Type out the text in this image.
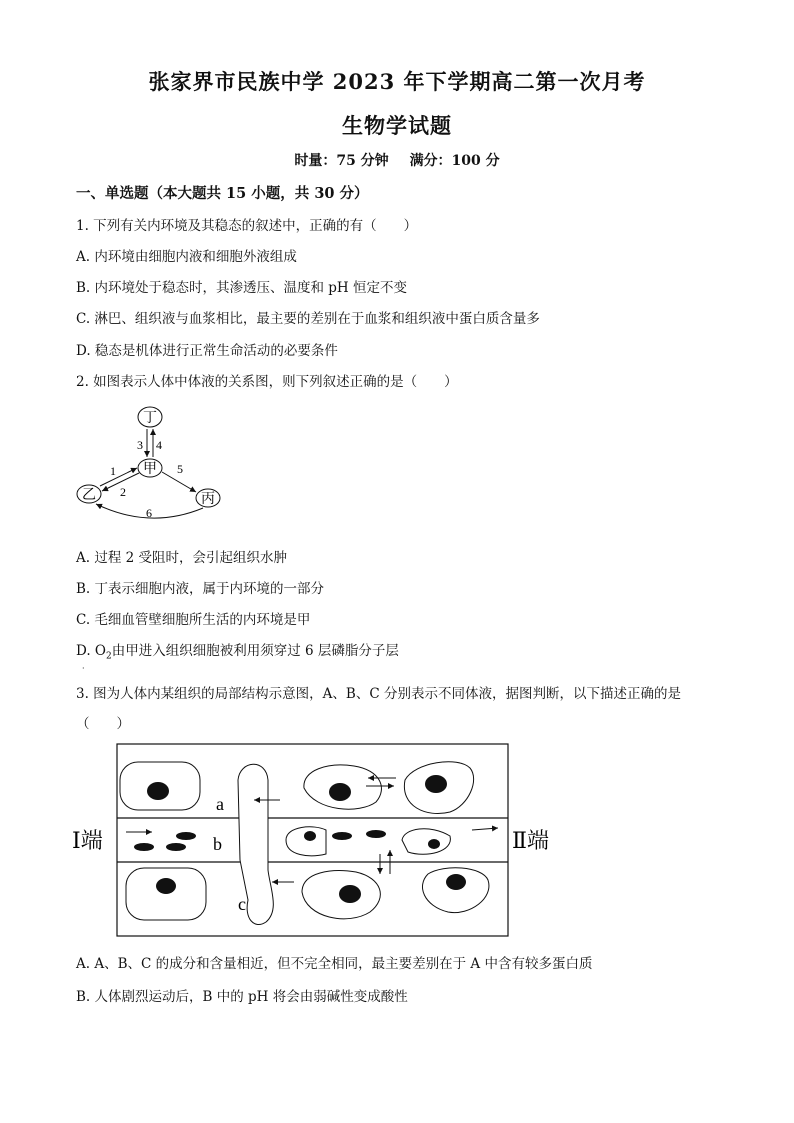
张家界市民族中学 2023 年下学期高二第一次月考
生物学试题
时量：75 分钟 满分：100 分
一、单选题（本大题共 15 小题，共 30 分）
1. 下列有关内环境及其稳态的叙述中，正确的有（　　）
A. 内环境由细胞内液和细胞外液组成
B. 内环境处于稳态时，其渗透压、温度和 pH 恒定不变
C. 淋巴、组织液与血浆相比，最主要的差别在于血浆和组织液中蛋白质含量多
D. 稳态是机体进行正常生命活动的必要条件
2. 如图表示人体中体液的关系图，则下列叙述正确的是（　　）
丁
甲
乙	丙
3 4
1
2
5
6
A. 过程 2 受阻时，会引起组织水肿
B. 丁表示细胞内液，属于内环境的一部分
C. 毛细血管壁细胞所生活的内环境是甲
D. $O_2$由甲进入组织细胞被利用须穿过 6 层磷脂分子层
·
3. 图为人体内某组织的局部结构示意图，A、B、C 分别表示不同体液，据图判断，以下描述正确的是
（　　）
Ⅰ端	Ⅱ端
a
b
c
A. A、B、C 的成分和含量相近，但不完全相同，最主要差别在于 A 中含有较多蛋白质
B. 人体剧烈运动后，B 中的 pH 将会由弱碱性变成酸性
